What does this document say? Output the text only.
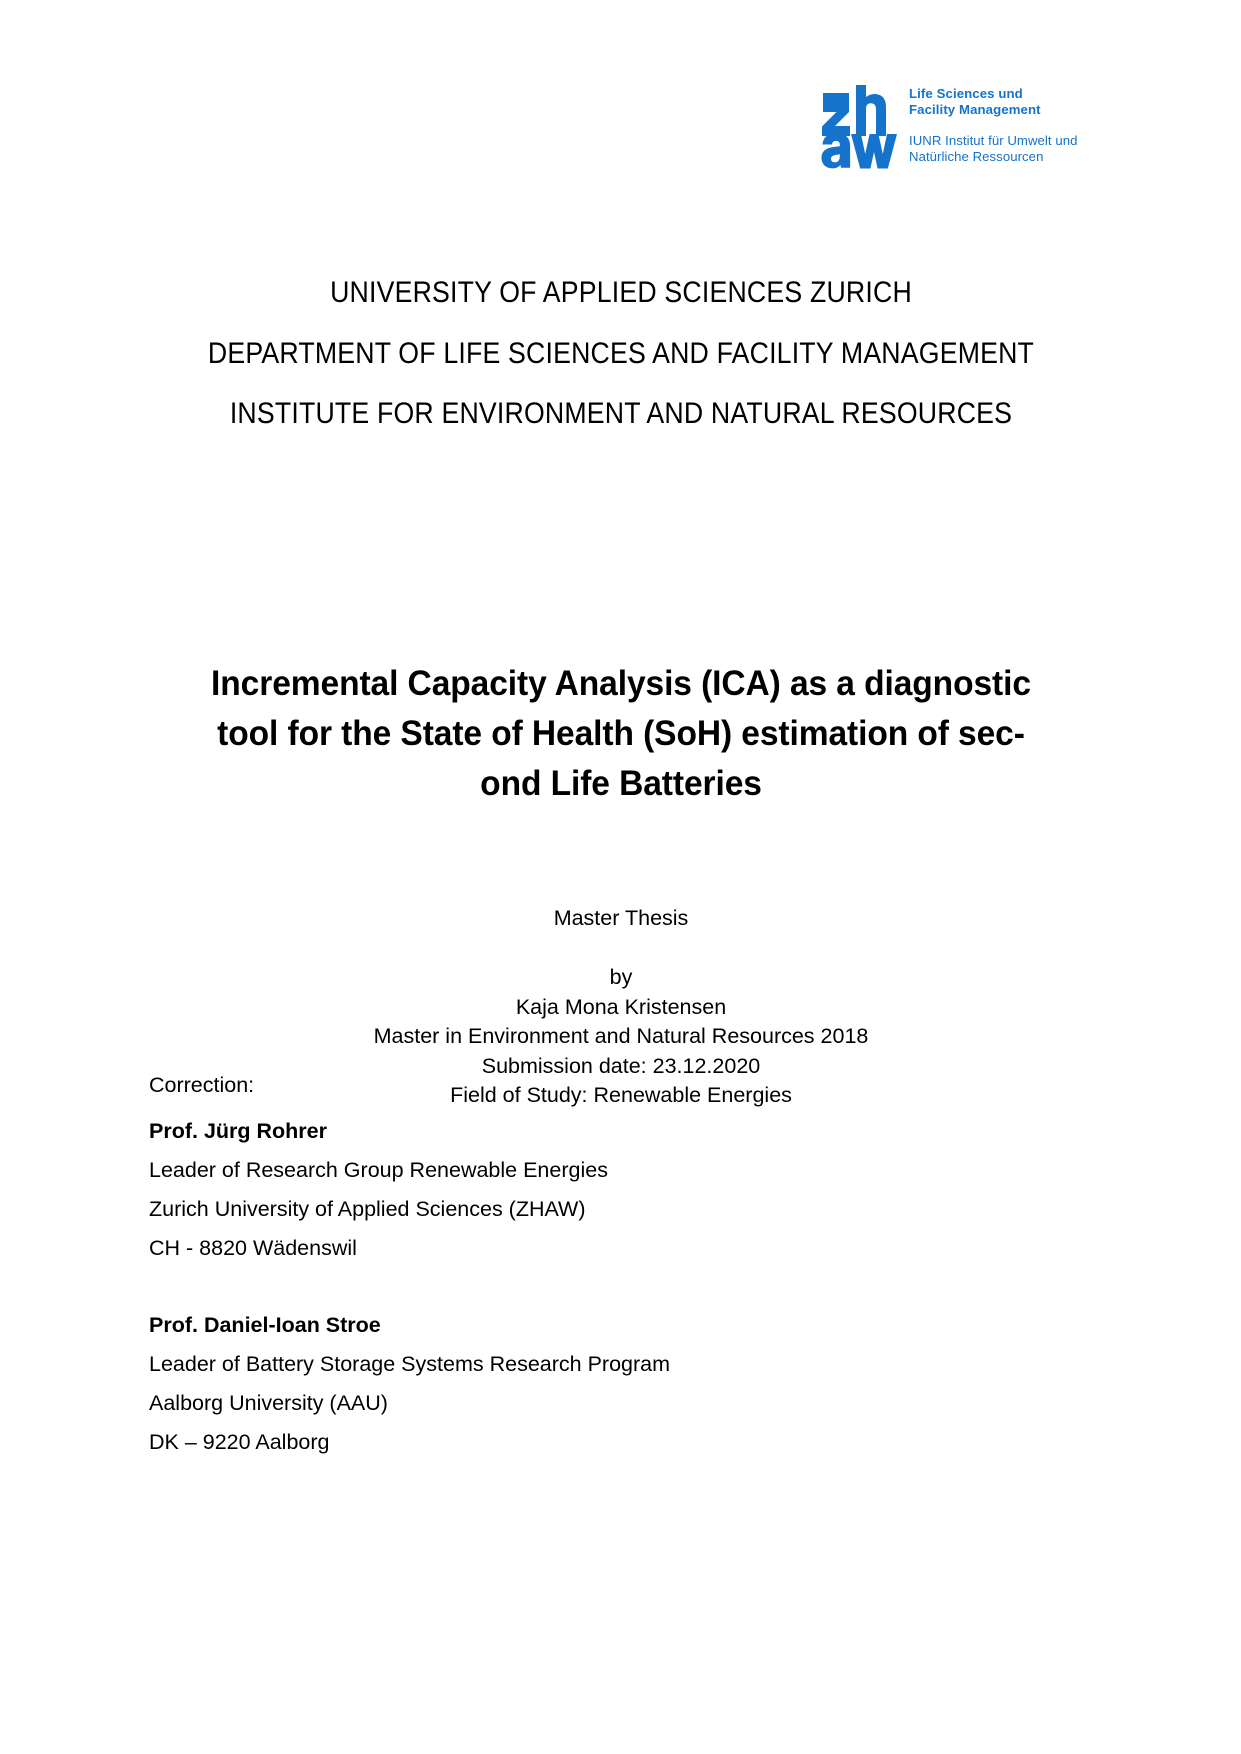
Life Sciences und
Facility Management
IUNR Institut für Umwelt und
Natürliche Ressourcen
UNIVERSITY OF APPLIED SCIENCES ZURICH
DEPARTMENT OF LIFE SCIENCES AND FACILITY MANAGEMENT
INSTITUTE FOR ENVIRONMENT AND NATURAL RESOURCES
Incremental Capacity Analysis (ICA) as a diagnostic
tool for the State of Health (SoH) estimation of sec-
ond Life Batteries
Master Thesis
by
Kaja Mona Kristensen
Master in Environment and Natural Resources 2018
Submission date: 23.12.2020
Field of Study: Renewable Energies
Correction:
Prof. Jürg Rohrer
Leader of Research Group Renewable Energies
Zurich University of Applied Sciences (ZHAW)
CH - 8820 Wädenswil
Prof. Daniel-Ioan Stroe
Leader of Battery Storage Systems Research Program
Aalborg University (AAU)
DK – 9220 Aalborg
